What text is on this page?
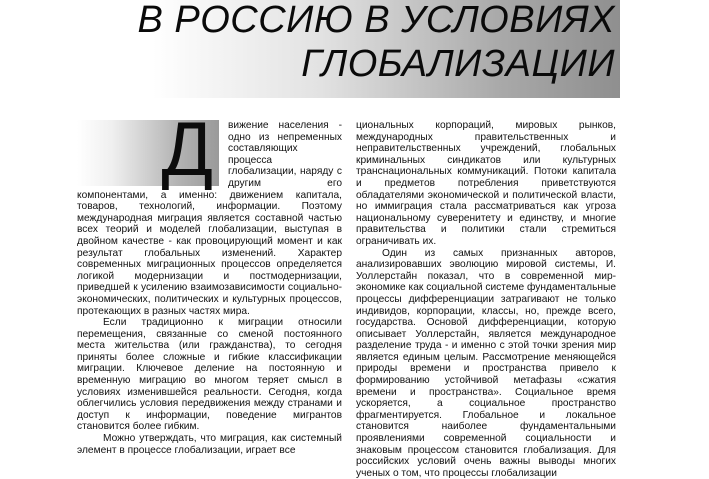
В РОССИЮ В УСЛОВИЯХ
ГЛОБАЛИЗАЦИИ
Д	вижение населения - одно из непременных составляющих процесса глобализации, наряду с другим его компонентами, а именно: движением капитала, товаров, технологий, информации. Поэтому международная миграция является составной частью всех теорий и моделей глобализации, выступая в двойном качестве - как провоцирующий момент и как результат глобальных изменений. Характер современных миграционных процессов определяется логикой модернизации и постмодернизации, приведшей к усилению взаимозависимости социально-экономических, политических и культурных процессов, протекающих в разных частях мира.

Если традиционно к миграции относили перемещения, связанные со сменой постоянного места жительства (или гражданства), то сегодня приняты более сложные и гибкие классификации миграции. Ключевое деление на постоянную и временную миграцию во многом теряет смысл в условиях изменившейся реальности. Сегодня, когда облегчились условия передвижения между странами и доступ к информации, поведение мигрантов становится более гибким.

Можно утверждать, что миграция, как системный элемент в процессе глобализации, играет все

циональных корпораций, мировых рынков, международных правительственных и неправительственных учреждений, глобальных криминальных синдикатов или культурных транснациональных коммуникаций. Потоки капитала и предметов потребления приветствуются обладателями экономической и политической власти, но иммиграция стала рассматриваться как угроза национальному суверенитету и единству, и многие правительства и политики стали стремиться ограничивать их.

Один из самых признанных авторов, анализировавших эволюцию мировой системы, И. Уоллерстайн показал, что в современной мир-экономике как социальной системе фундаментальные процессы дифференциации затрагивают не только индивидов, корпорации, классы, но, прежде всего, государства. Основой дифференциации, которую описывает Уоллерстайн, является международное разделение труда - и именно с этой точки зрения мир является единым целым. Рассмотрение меняющейся природы времени и пространства привело к формированию устойчивой метафазы «сжатия времени и пространства». Социальное время ускоряется, а социальное пространство фрагментируется. Глобальное и локальное становится наиболее фундаментальными проявлениями современной социальности и знаковым процессом становится глобализация. Для российских условий очень важны выводы многих ученых о том, что процессы глобализации
